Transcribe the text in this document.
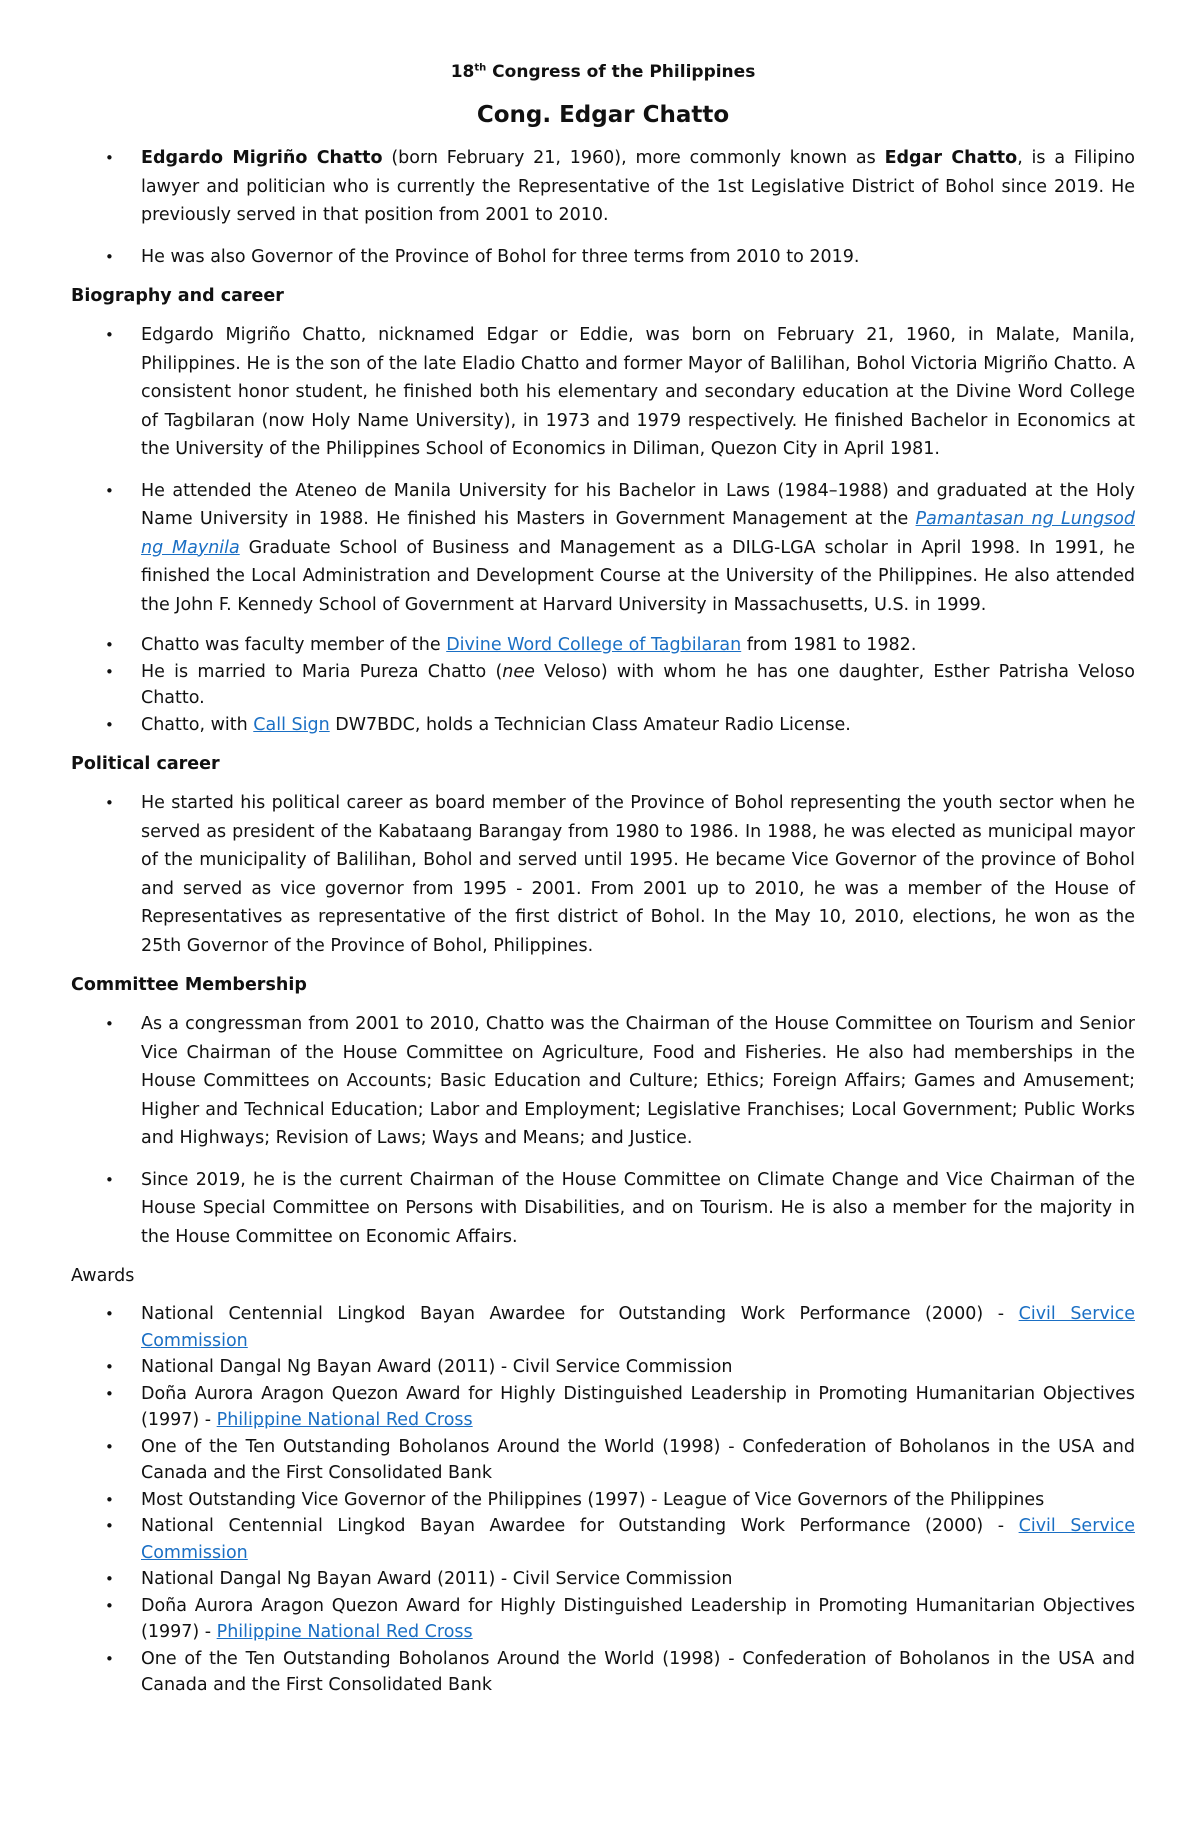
18th Congress of the Philippines
Cong. Edgar Chatto
• Edgardo Migriño Chatto (born February 21, 1960), more commonly known as Edgar Chatto, is a Filipino lawyer and politician who is currently the Representative of the 1st Legislative District of Bohol since 2019. He previously served in that position from 2001 to 2010.
• He was also Governor of the Province of Bohol for three terms from 2010 to 2019.
Biography and career
• Edgardo Migriño Chatto, nicknamed Edgar or Eddie, was born on February 21, 1960, in Malate, Manila, Philippines. He is the son of the late Eladio Chatto and former Mayor of Balilihan, Bohol Victoria Migriño Chatto. A consistent honor student, he finished both his elementary and secondary education at the Divine Word College of Tagbilaran (now Holy Name University), in 1973 and 1979 respectively. He finished Bachelor in Economics at the University of the Philippines School of Economics in Diliman, Quezon City in April 1981.
• He attended the Ateneo de Manila University for his Bachelor in Laws (1984–1988) and graduated at the Holy Name University in 1988. He finished his Masters in Government Management at the Pamantasan ng Lungsod ng Maynila Graduate School of Business and Management as a DILG-LGA scholar in April 1998. In 1991, he finished the Local Administration and Development Course at the University of the Philippines. He also attended the John F. Kennedy School of Government at Harvard University in Massachusetts, U.S. in 1999.
• Chatto was faculty member of the Divine Word College of Tagbilaran from 1981 to 1982.
• He is married to Maria Pureza Chatto (nee Veloso) with whom he has one daughter, Esther Patrisha Veloso Chatto.
• Chatto, with Call Sign DW7BDC, holds a Technician Class Amateur Radio License.
Political career
• He started his political career as board member of the Province of Bohol representing the youth sector when he served as president of the Kabataang Barangay from 1980 to 1986. In 1988, he was elected as municipal mayor of the municipality of Balilihan, Bohol and served until 1995. He became Vice Governor of the province of Bohol and served as vice governor from 1995 - 2001. From 2001 up to 2010, he was a member of the House of Representatives as representative of the first district of Bohol. In the May 10, 2010, elections, he won as the 25th Governor of the Province of Bohol, Philippines.
Committee Membership
• As a congressman from 2001 to 2010, Chatto was the Chairman of the House Committee on Tourism and Senior Vice Chairman of the House Committee on Agriculture, Food and Fisheries. He also had memberships in the House Committees on Accounts; Basic Education and Culture; Ethics; Foreign Affairs; Games and Amusement; Higher and Technical Education; Labor and Employment; Legislative Franchises; Local Government; Public Works and Highways; Revision of Laws; Ways and Means; and Justice.
• Since 2019, he is the current Chairman of the House Committee on Climate Change and Vice Chairman of the House Special Committee on Persons with Disabilities, and on Tourism. He is also a member for the majority in the House Committee on Economic Affairs.
Awards
• National Centennial Lingkod Bayan Awardee for Outstanding Work Performance (2000) - Civil Service Commission
• National Dangal Ng Bayan Award (2011) - Civil Service Commission
• Doña Aurora Aragon Quezon Award for Highly Distinguished Leadership in Promoting Humanitarian Objectives (1997) - Philippine National Red Cross
• One of the Ten Outstanding Boholanos Around the World (1998) - Confederation of Boholanos in the USA and Canada and the First Consolidated Bank
• Most Outstanding Vice Governor of the Philippines (1997) - League of Vice Governors of the Philippines
• National Centennial Lingkod Bayan Awardee for Outstanding Work Performance (2000) - Civil Service Commission
• National Dangal Ng Bayan Award (2011) - Civil Service Commission
• Doña Aurora Aragon Quezon Award for Highly Distinguished Leadership in Promoting Humanitarian Objectives (1997) - Philippine National Red Cross
• One of the Ten Outstanding Boholanos Around the World (1998) - Confederation of Boholanos in the USA and Canada and the First Consolidated Bank
